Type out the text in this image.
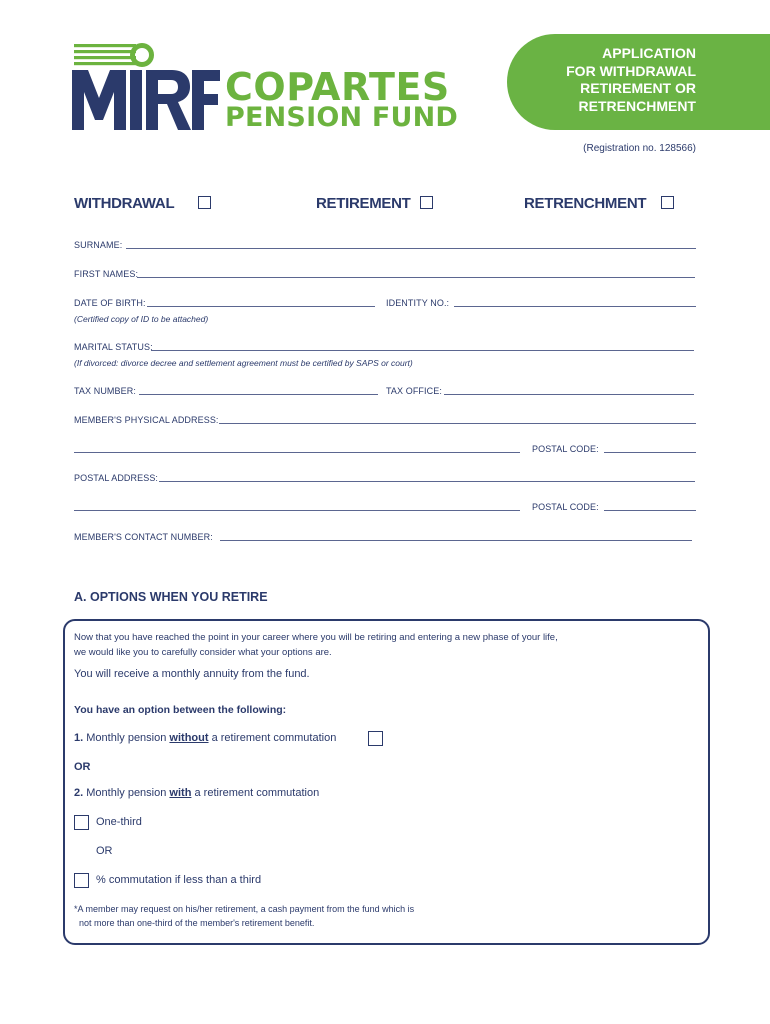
COPARTES
PENSION FUND
APPLICATION
FOR WITHDRAWAL
RETIREMENT OR
RETRENCHMENT
(Registration no. 128566)
WITHDRAWAL	RETIREMENT	RETRENCHMENT
SURNAME:
FIRST NAMES:
DATE OF BIRTH:	IDENTITY NO.:
(Certified copy of ID to be attached)
MARITAL STATUS:
(If divorced: divorce decree and settlement agreement must be certified by SAPS or court)
TAX NUMBER:	TAX OFFICE:
MEMBER'S PHYSICAL ADDRESS:
POSTAL CODE:
POSTAL ADDRESS:
POSTAL CODE:
MEMBER'S CONTACT NUMBER:
A. OPTIONS WHEN YOU RETIRE
Now that you have reached the point in your career where you will be retiring and entering a new phase of your life,
we would like you to carefully consider what your options are.
You will receive a monthly annuity from the fund.
You have an option between the following:
1. Monthly pension without a retirement commutation
OR
2. Monthly pension with a retirement commutation
One-third
OR
% commutation if less than a third
*A member may request on his/her retirement, a cash payment from the fund which is
not more than one-third of the member's retirement benefit.
